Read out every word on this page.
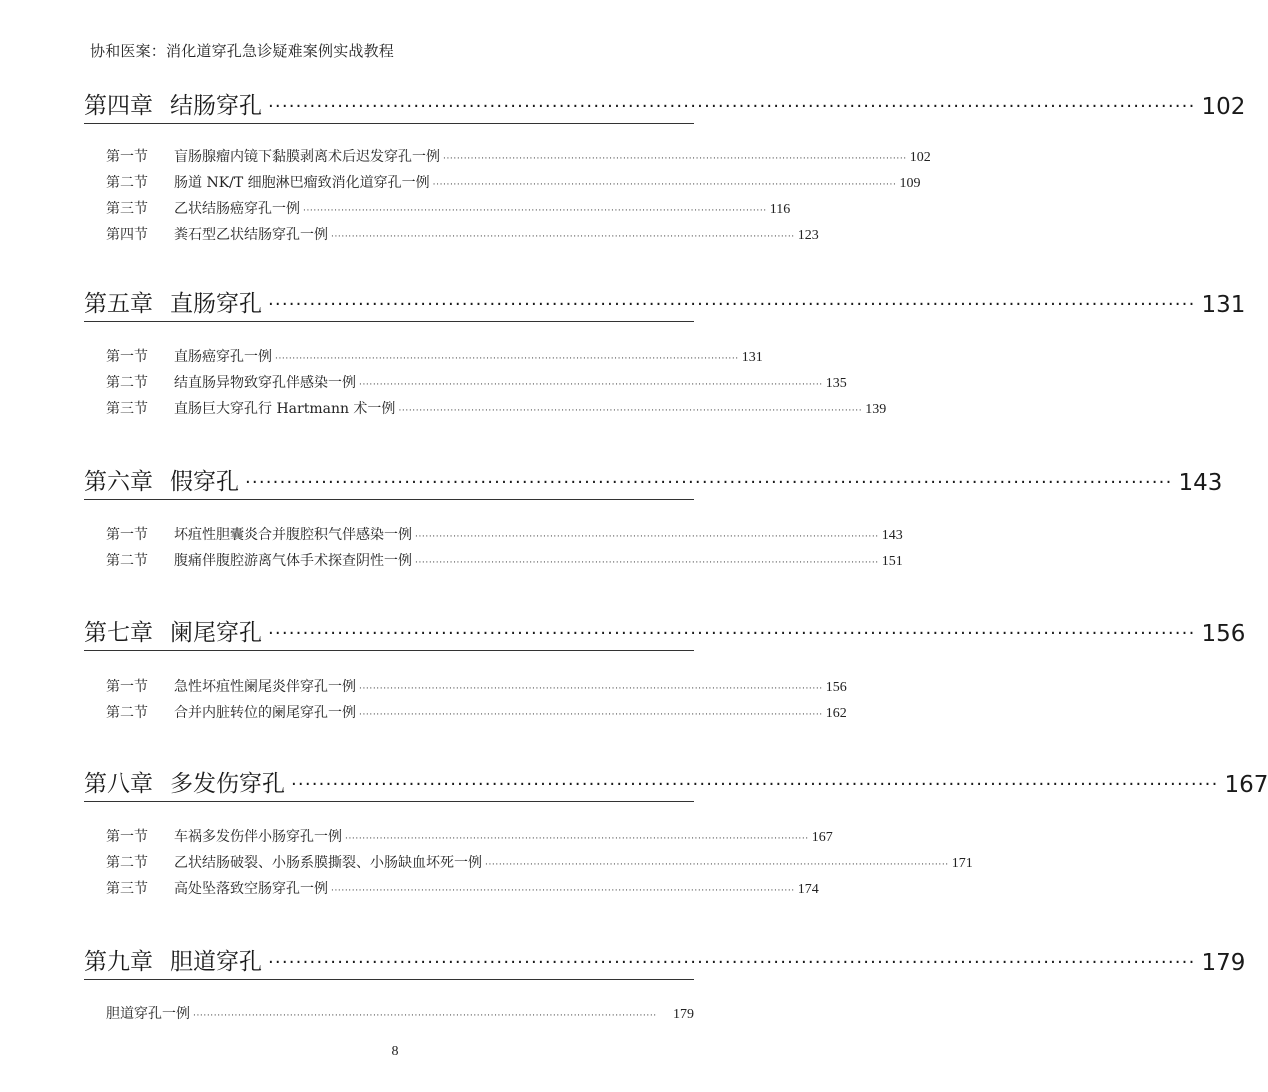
协和医案：消化道穿孔急诊疑难案例实战教程
第四章 结肠穿孔 ······································································································································ 102
第一节	盲肠腺瘤内镜下黏膜剥离术后迟发穿孔一例 ······································································································································ 102
第二节	肠道 NK/T 细胞淋巴瘤致消化道穿孔一例 ······································································································································ 109
第三节	乙状结肠癌穿孔一例 ······································································································································ 116
第四节	粪石型乙状结肠穿孔一例 ······································································································································ 123
第五章 直肠穿孔 ······································································································································ 131
第一节	直肠癌穿孔一例 ······································································································································ 131
第二节	结直肠异物致穿孔伴感染一例 ······································································································································ 135
第三节	直肠巨大穿孔行 Hartmann 术一例 ······································································································································ 139
第六章 假穿孔 ······································································································································ 143
第一节	坏疽性胆囊炎合并腹腔积气伴感染一例 ······································································································································ 143
第二节	腹痛伴腹腔游离气体手术探查阴性一例 ······································································································································ 151
第七章 阑尾穿孔 ······································································································································ 156
第一节	急性坏疽性阑尾炎伴穿孔一例 ······································································································································ 156
第二节	合并内脏转位的阑尾穿孔一例 ······································································································································ 162
第八章 多发伤穿孔 ······································································································································ 167
第一节	车祸多发伤伴小肠穿孔一例 ······································································································································ 167
第二节	乙状结肠破裂、小肠系膜撕裂、小肠缺血坏死一例 ······································································································································ 171
第三节	高处坠落致空肠穿孔一例 ······································································································································ 174
第九章 胆道穿孔 ······································································································································ 179
胆道穿孔一例 ······································································································································	179
8
